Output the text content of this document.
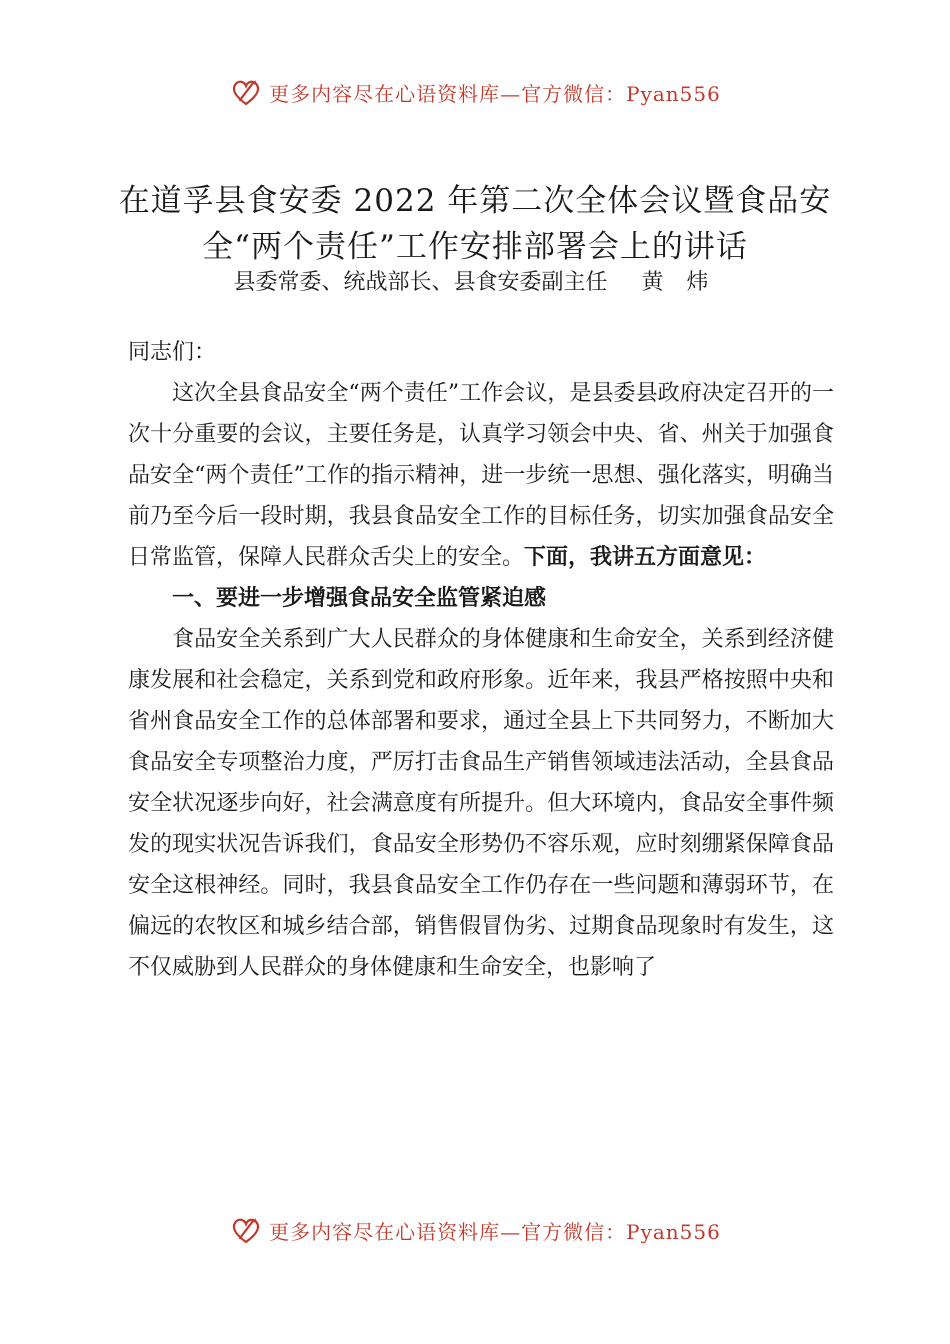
更多内容尽在心语资料库—官方微信：Pyan556
在道孚县食安委 2022 年第二次全体会议暨食品安全“两个责任”工作安排部署会上的讲话
县委常委、统战部长、县食安委副主任 黄 炜

同志们：

这次全县食品安全“两个责任”工作会议，是县委县政府决定召开的一次十分重要的会议，主要任务是，认真学习领会中央、省、州关于加强食品安全“两个责任”工作的指示精神，进一步统一思想、强化落实，明确当前乃至今后一段时期，我县食品安全工作的目标任务，切实加强食品安全日常监管，保障人民群众舌尖上的安全。下面，我讲五方面意见：

一、要进一步增强食品安全监管紧迫感

食品安全关系到广大人民群众的身体健康和生命安全，关系到经济健康发展和社会稳定，关系到党和政府形象。近年来，我县严格按照中央和省州食品安全工作的总体部署和要求，通过全县上下共同努力，不断加大食品安全专项整治力度，严厉打击食品生产销售领域违法活动，全县食品安全状况逐步向好，社会满意度有所提升。但大环境内，食品安全事件频发的现实状况告诉我们，食品安全形势仍不容乐观，应时刻绷紧保障食品安全这根神经。同时，我县食品安全工作仍存在一些问题和薄弱环节，在偏远的农牧区和城乡结合部，销售假冒伪劣、过期食品现象时有发生，这不仅威胁到人民群众的身体健康和生命安全，也影响了

更多内容尽在心语资料库—官方微信：Pyan556
